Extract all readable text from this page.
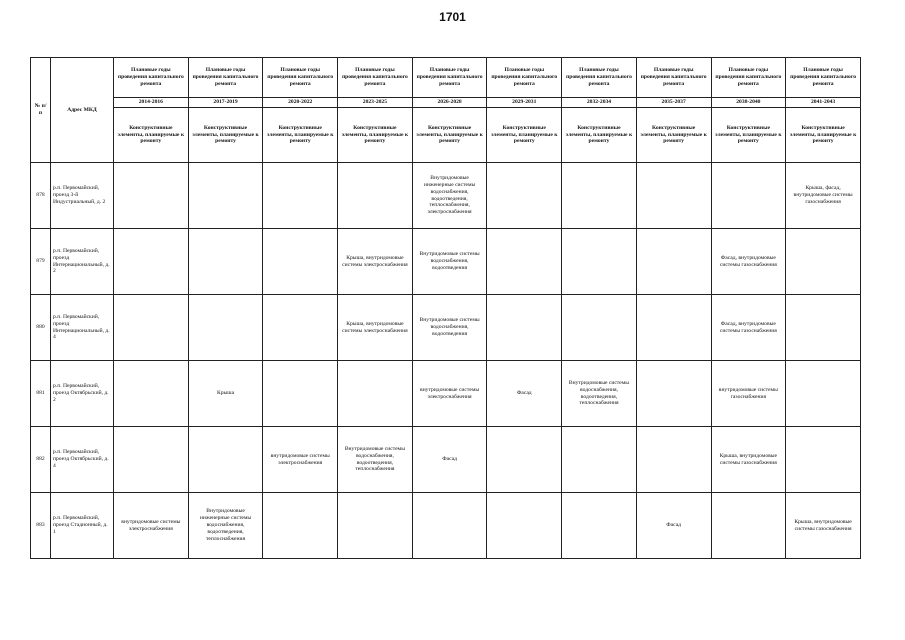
1701
№ п/п	Адрес МКД	Плановые годы проведения капитального ремонта	Плановые годы проведения капитального ремонта	Плановые годы проведения капитального ремонта	Плановые годы проведения капитального ремонта	Плановые годы проведения капитального ремонта	Плановые годы проведения капитального ремонта	Плановые годы проведения капитального ремонта	Плановые годы проведения капитального ремонта	Плановые годы проведения капитального ремонта	Плановые годы проведения капитального ремонта
		2014-2016	2017-2019	2020-2022	2023-2025	2026-2028	2029-2031	2032-2034	2035-2037	2038-2040	2041-2043
		Конструктивные элементы, планируемые к ремонту	Конструктивные элементы, планируемые к ремонту	Конструктивные элементы, планируемые к ремонту	Конструктивные элементы, планируемые к ремонту	Конструктивные элементы, планируемые к ремонту	Конструктивные элементы, планируемые к ремонту	Конструктивные элементы, планируемые к ремонту	Конструктивные элементы, планируемые к ремонту	Конструктивные элементы, планируемые к ремонту	Конструктивные элементы, планируемые к ремонту
878	р.п. Первомайский, проезд 3-й Индустриальный, д. 2					Внутридомовые инженерные системы водоснабжения, водоотведения, теплоснабжения, электроснабжения					Крыша, фасад, внутридомовые системы газоснабжения
879	р.п. Первомайский, проезд Интернациональный, д. 2				Крыша, внутридомовые системы электроснабжения	Внутридомовые системы водоснабжения, водоотведения				Фасад, внутридомовые системы газоснабжения	
880	р.п. Первомайский, проезд Интернациональный, д. 4				Крыша, внутридомовые системы электроснабжения	Внутридомовые системы водоснабжения, водоотведения				Фасад, внутридомовые системы газоснабжения	
881	р.п. Первомайский, проезд Октябрьский, д. 2		Крыша			внутридомовые системы электроснабжения	Фасад	Внутридомовые системы водоснабжения, водоотведения, теплоснабжения		внутридомовые системы газоснабжения	
882	р.п. Первомайский, проезд Октябрьский, д. 4			внутридомовые системы электроснабжения	Внутридомовые системы водоснабжения, водоотведения, теплоснабжения	Фасад				Крыша, внутридомовые системы газоснабжения	
883	р.п. Первомайский, проезд Стадионный, д. 1	внутридомовые системы электроснабжения	Внутридомовые инженерные системы водоснабжения, водоотведения, теплоснабжения						Фасад		Крыша, внутридомовые системы газоснабжения
